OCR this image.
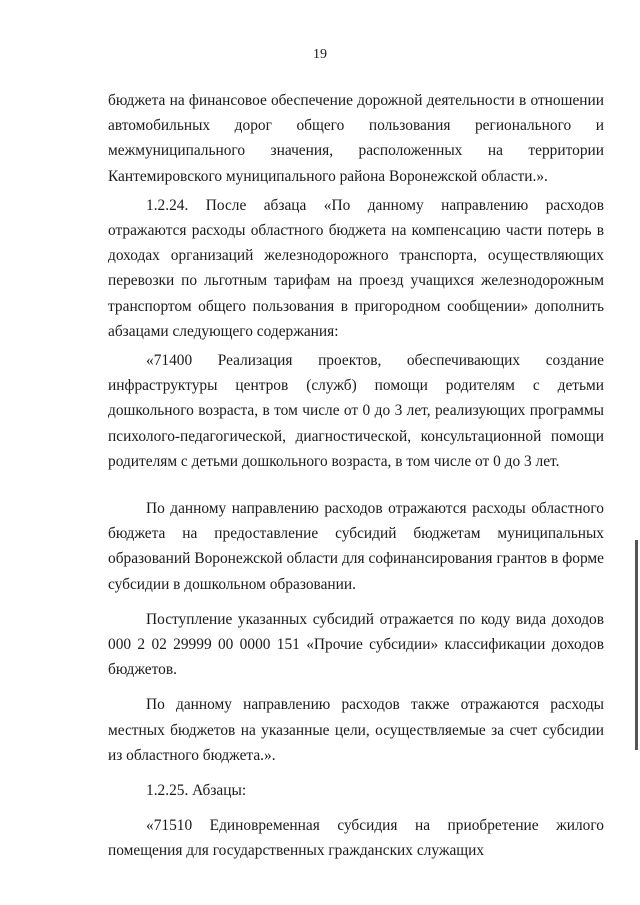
19

бюджета на финансовое обеспечение дорожной деятельности в отношении автомобильных дорог общего пользования регионального и межмуниципального значения, расположенных на территории Кантемировского муниципального района Воронежской области.».

1.2.24. После абзаца «По данному направлению расходов отражаются расходы областного бюджета на компенсацию части потерь в доходах организаций железнодорожного транспорта, осуществляющих перевозки по льготным тарифам на проезд учащихся железнодорожным транспортом общего пользования в пригородном сообщении» дополнить абзацами следующего содержания:

«71400 Реализация проектов, обеспечивающих создание инфраструктуры центров (служб) помощи родителям с детьми дошкольного возраста, в том числе от 0 до 3 лет, реализующих программы психолого-педагогической, диагностической, консультационной помощи родителям с детьми дошкольного возраста, в том числе от 0 до 3 лет.

По данному направлению расходов отражаются расходы областного бюджета на предоставление субсидий бюджетам муниципальных образований Воронежской области для софинансирования грантов в форме субсидии в дошкольном образовании.

Поступление указанных субсидий отражается по коду вида доходов 000 2 02 29999 00 0000 151 «Прочие субсидии» классификации доходов бюджетов.

По данному направлению расходов также отражаются расходы местных бюджетов на указанные цели, осуществляемые за счет субсидии из областного бюджета.».

1.2.25. Абзацы:

«71510 Единовременная субсидия на приобретение жилого помещения для государственных гражданских служащих
